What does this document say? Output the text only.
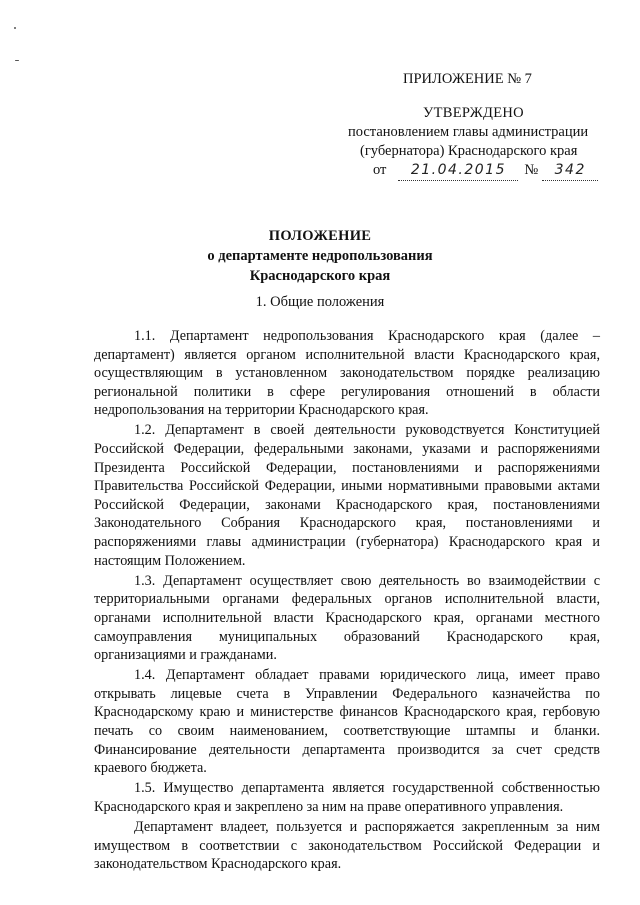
ПРИЛОЖЕНИЕ № 7
УТВЕРЖДЕНО
постановлением главы администрации
(губернатора) Краснодарского края
от	21.04.2015	№	342
ПОЛОЖЕНИЕ
о департаменте недропользования
Краснодарского края
1. Общие положения

1.1. Департамент недропользования Краснодарского края (далее – департамент) является органом исполнительной власти Краснодарского края, осуществляющим в установленном законодательством порядке реализацию региональной политики в сфере регулирования отношений в области недропользования на территории Краснодарского края.

1.2. Департамент в своей деятельности руководствуется Конституцией Российской Федерации, федеральными законами, указами и распоряжениями Президента Российской Федерации, постановлениями и распоряжениями Правительства Российской Федерации, иными нормативными правовыми актами Российской Федерации, законами Краснодарского края, постановлениями Законодательного Собрания Краснодарского края, постановлениями и распоряжениями главы администрации (губернатора) Краснодарского края и настоящим Положением.

1.3. Департамент осуществляет свою деятельность во взаимодействии с территориальными органами федеральных органов исполнительной власти, органами исполнительной власти Краснодарского края, органами местного самоуправления муниципальных образований Краснодарского края, организациями и гражданами.

1.4. Департамент обладает правами юридического лица, имеет право открывать лицевые счета в Управлении Федерального казначейства по Краснодарскому краю и министерстве финансов Краснодарского края, гербовую печать со своим наименованием, соответствующие штампы и бланки. Финансирование деятельности департамента производится за счет средств краевого бюджета.

1.5. Имущество департамента является государственной собственностью Краснодарского края и закреплено за ним на праве оперативного управления.

Департамент владеет, пользуется и распоряжается закрепленным за ним имуществом в соответствии с законодательством Российской Федерации и законодательством Краснодарского края.
